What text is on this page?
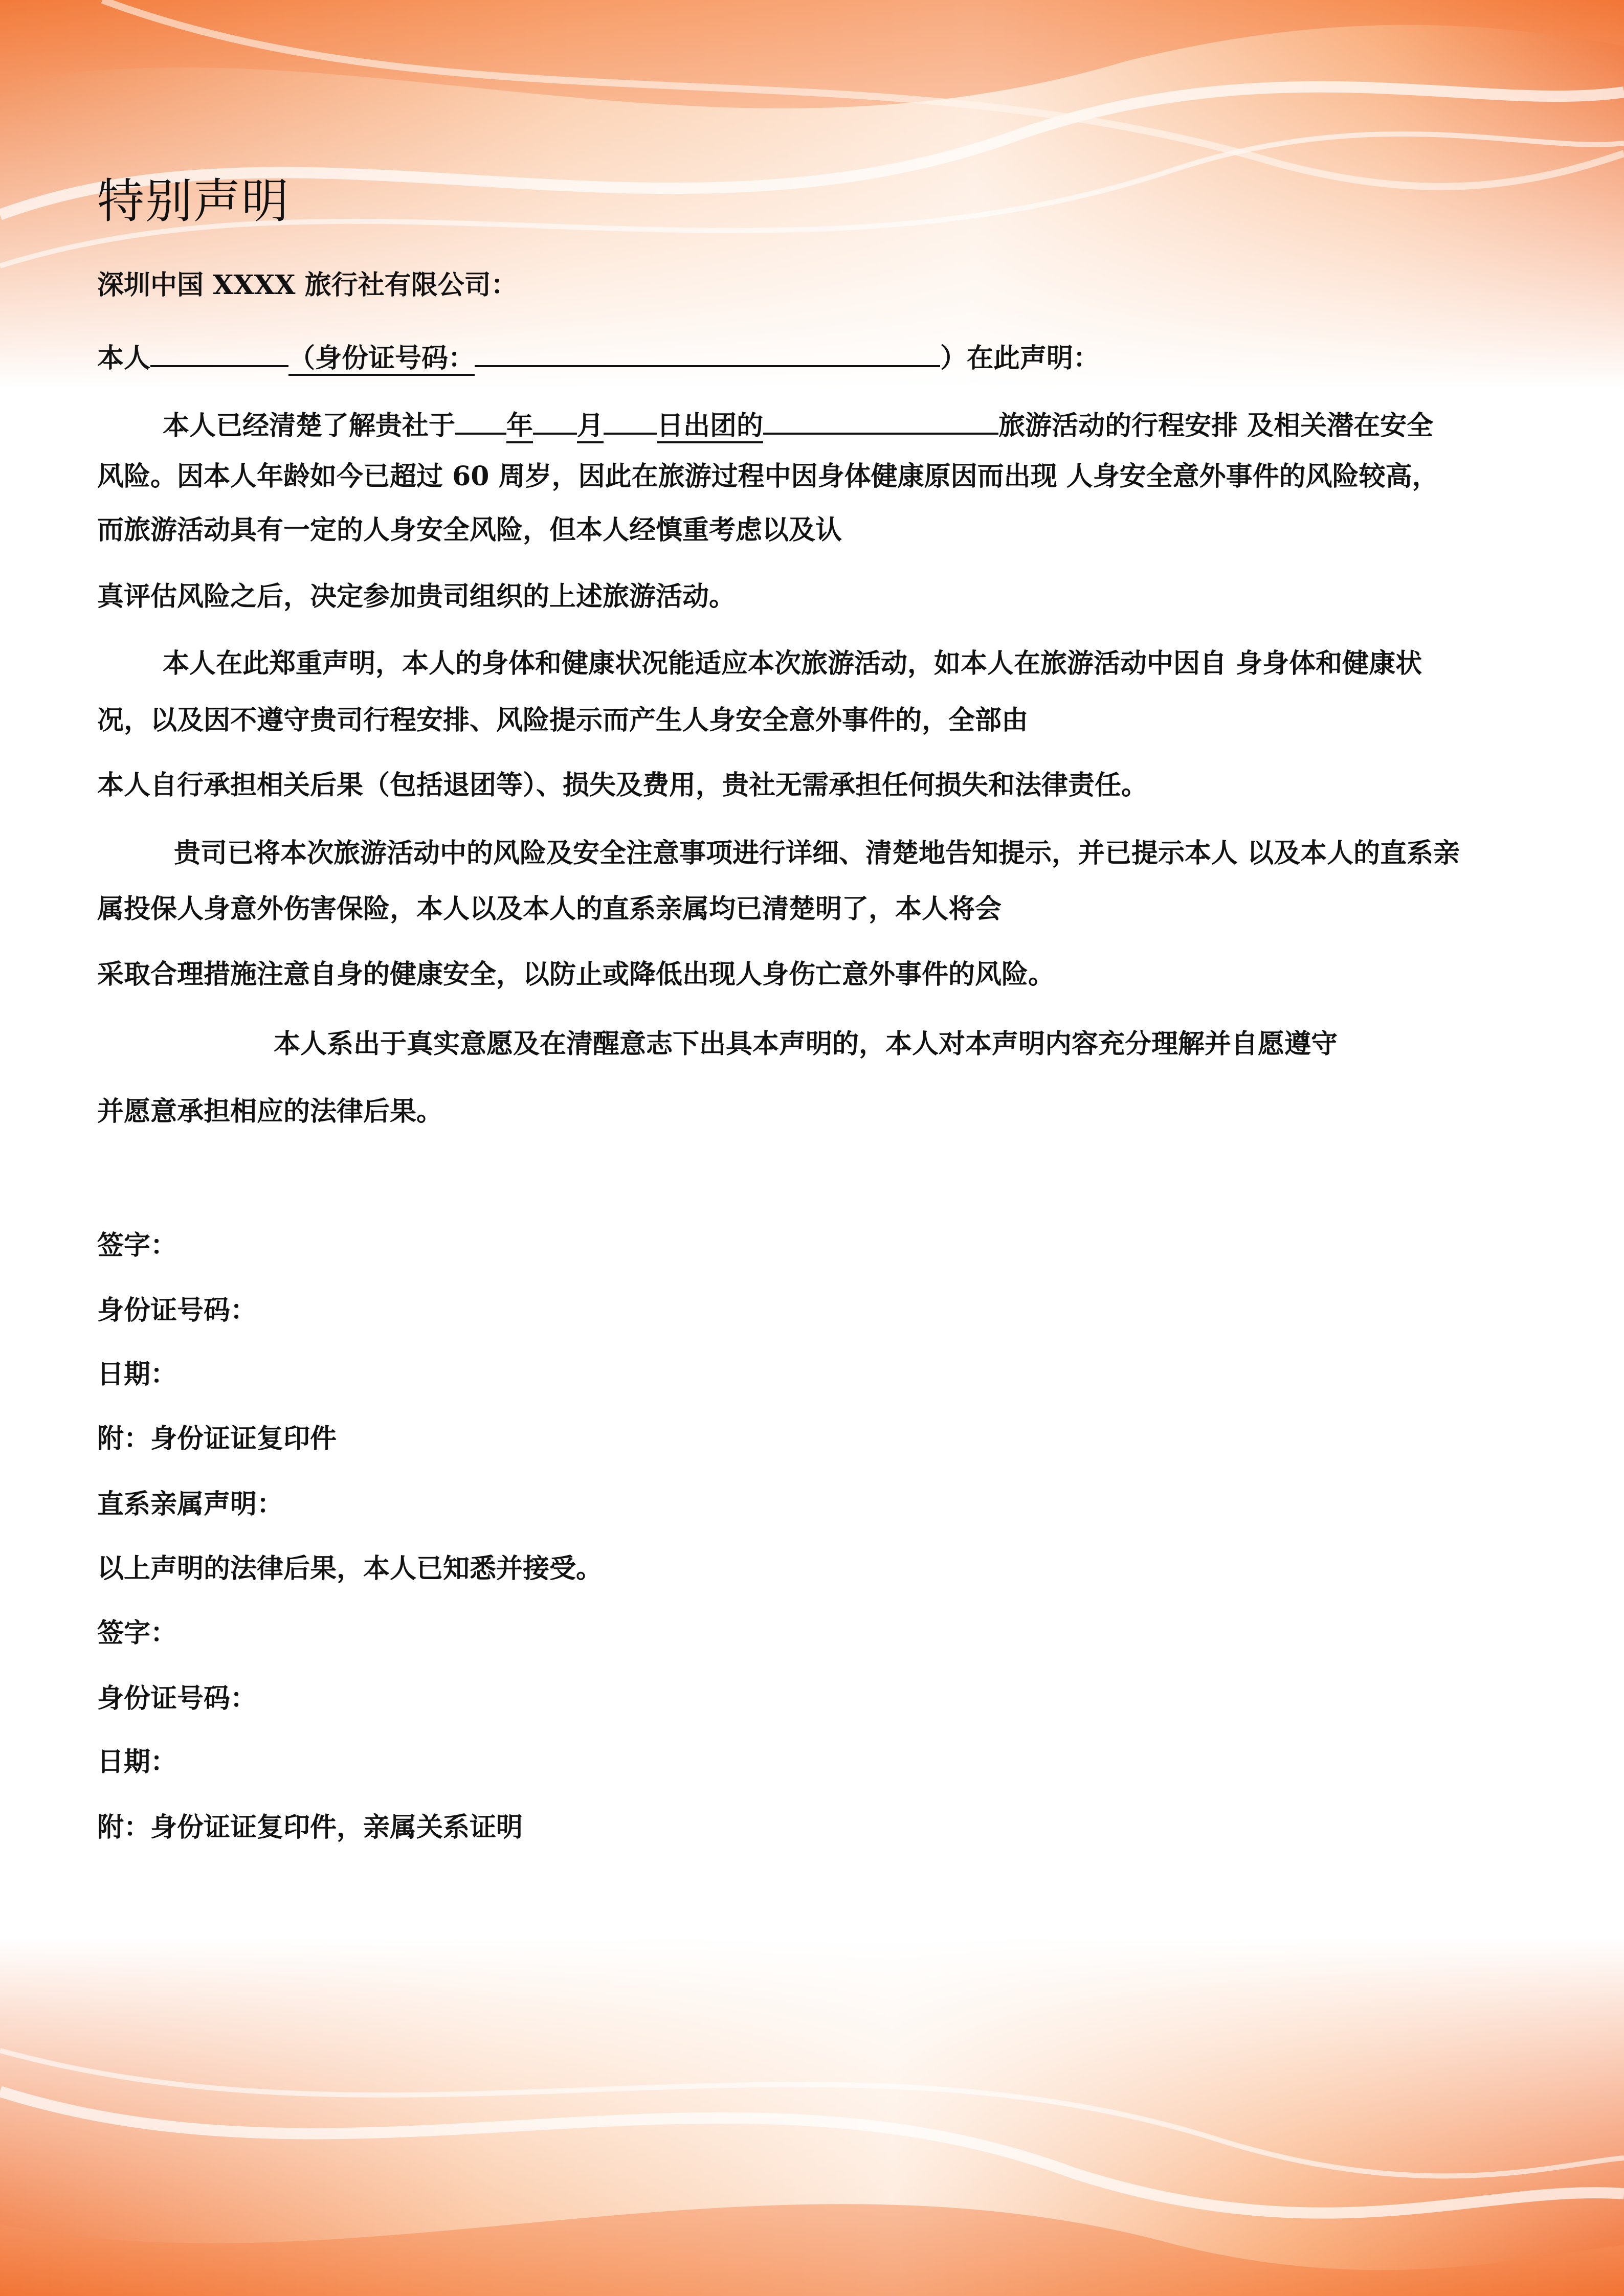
特别声明
深圳中国 XXXX 旅行社有限公司：
本人	（身份证号码：	）在此声明：
本人已经清楚了解贵社于 年 月 日出团的	旅游活动的行程安排 及相关潜在安全
风险。因本人年龄如今已超过 60 周岁，因此在旅游过程中因身体健康原因而出现 人身安全意外事件的风险较高，
而旅游活动具有一定的人身安全风险，但本人经慎重考虑以及认
真评估风险之后，决定参加贵司组织的上述旅游活动。
本人在此郑重声明，本人的身体和健康状况能适应本次旅游活动，如本人在旅游活动中因自 身身体和健康状
况，以及因不遵守贵司行程安排、风险提示而产生人身安全意外事件的，全部由
本人自行承担相关后果（包括退团等）、损失及费用，贵社无需承担任何损失和法律责任。
贵司已将本次旅游活动中的风险及安全注意事项进行详细、清楚地告知提示，并已提示本人 以及本人的直系亲
属投保人身意外伤害保险，本人以及本人的直系亲属均已清楚明了，本人将会
采取合理措施注意自身的健康安全，以防止或降低出现人身伤亡意外事件的风险。
本人系出于真实意愿及在清醒意志下出具本声明的，本人对本声明内容充分理解并自愿遵守
并愿意承担相应的法律后果。
签字：
身份证号码：
日期：
附：身份证证复印件
直系亲属声明：
以上声明的法律后果，本人已知悉并接受。
签字：
身份证号码：
日期：
附：身份证证复印件，亲属关系证明
